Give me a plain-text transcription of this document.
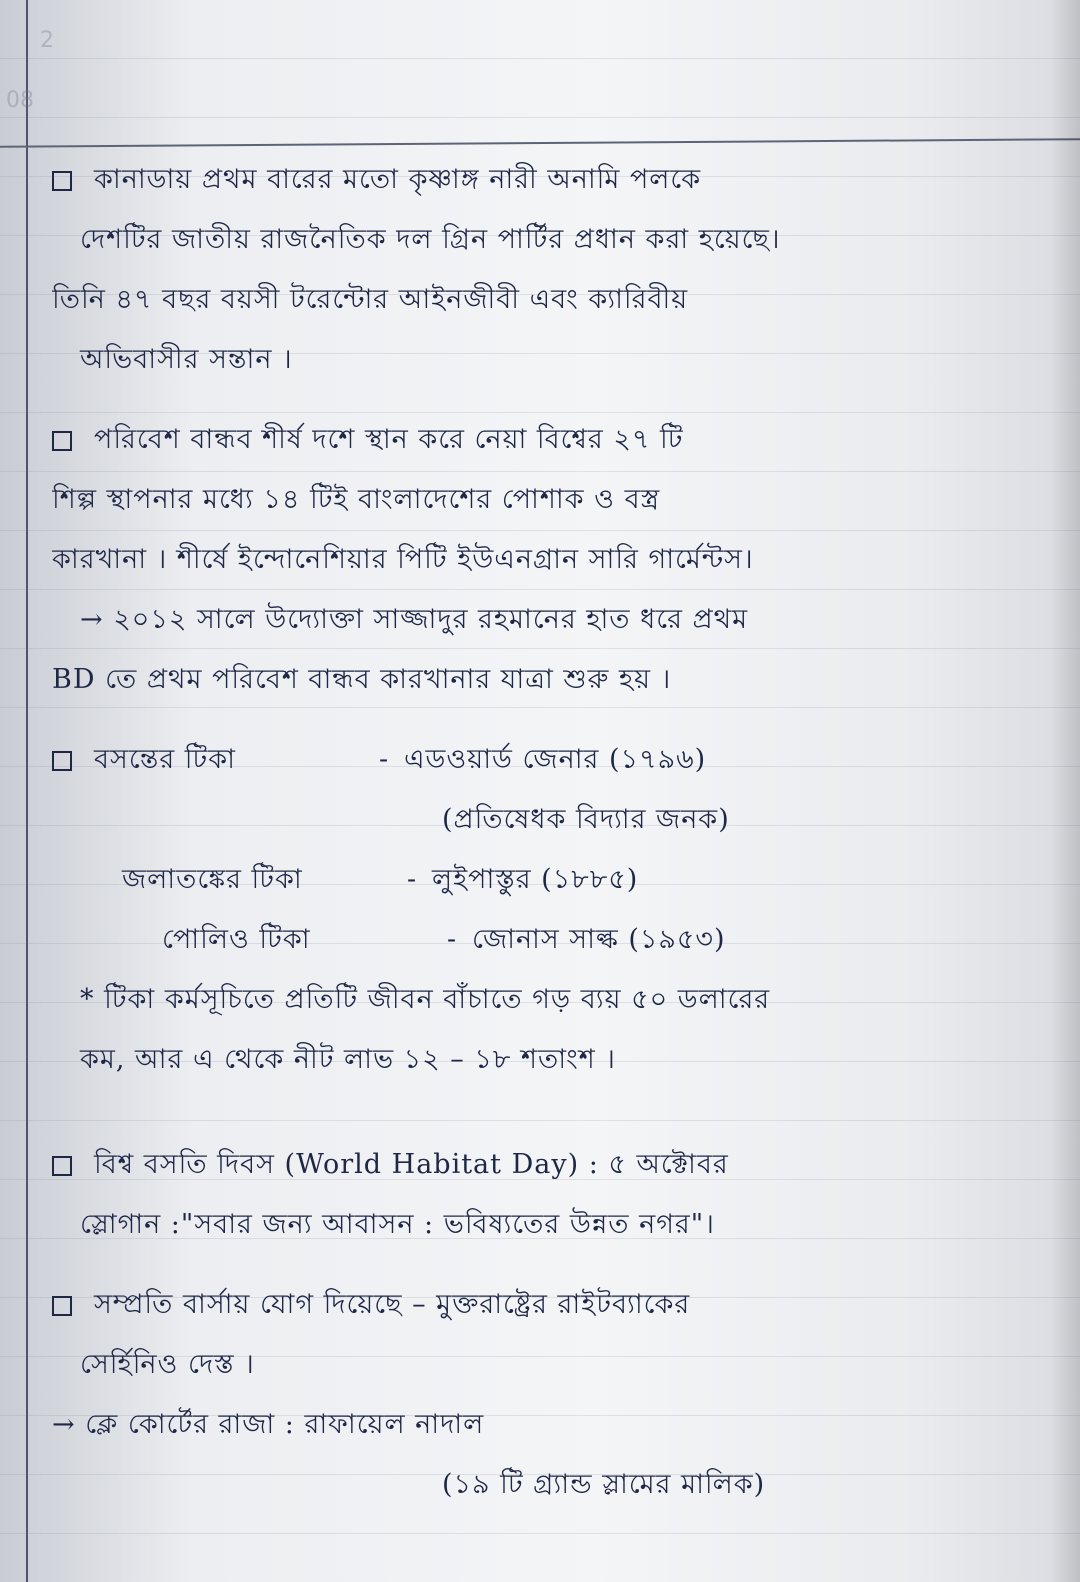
2
08
কানাডায় প্রথম বারের মতো কৃষ্ণাঙ্গ নারী অনামি পলকে
দেশটির জাতীয় রাজনৈতিক দল গ্রিন পার্টির প্রধান করা হয়েছে।
তিনি ৪৭ বছর বয়সী টরেন্টোর আইনজীবী এবং ক্যারিবীয়
অভিবাসীর সন্তান ।
পরিবেশ বান্ধব শীর্ষ দশে স্থান করে নেয়া বিশ্বের ২৭ টি
শিল্প স্থাপনার মধ্যে ১৪ টিই বাংলাদেশের পোশাক ও বস্ত্র
কারখানা । শীর্ষে ইন্দোনেশিয়ার পিটি ইউএনগ্রান সারি গার্মেন্টস।
→ ২০১২ সালে উদ্যোক্তা সাজ্জাদুর রহমানের হাত ধরে প্রথম
BD তে প্রথম পরিবেশ বান্ধব কারখানার যাত্রা শুরু হয় ।
বসন্তের টিকা	- এডওয়ার্ড জেনার (১৭৯৬)
(প্রতিষেধক বিদ্যার জনক)
জলাতঙ্কের টিকা	- লুইপাস্তুর (১৮৮৫)
পোলিও টিকা	- জোনাস সাল্ক (১৯৫৩)
* টিকা কর্মসূচিতে প্রতিটি জীবন বাঁচাতে গড় ব্যয় ৫০ ডলারের
কম, আর এ থেকে নীট লাভ ১২ – ১৮ শতাংশ ।
বিশ্ব বসতি দিবস (World Habitat Day) : ৫ অক্টোবর
স্লোগান :"সবার জন্য আবাসন : ভবিষ্যতের উন্নত নগর"।
সম্প্রতি বার্সায় যোগ দিয়েছে – মুক্তরাষ্ট্রের রাইটব্যাকের
সের্হিনিও দেস্ত ।
→ ক্লে কোর্টের রাজা : রাফায়েল নাদাল
(১৯ টি গ্র্যান্ড স্লামের মালিক)
